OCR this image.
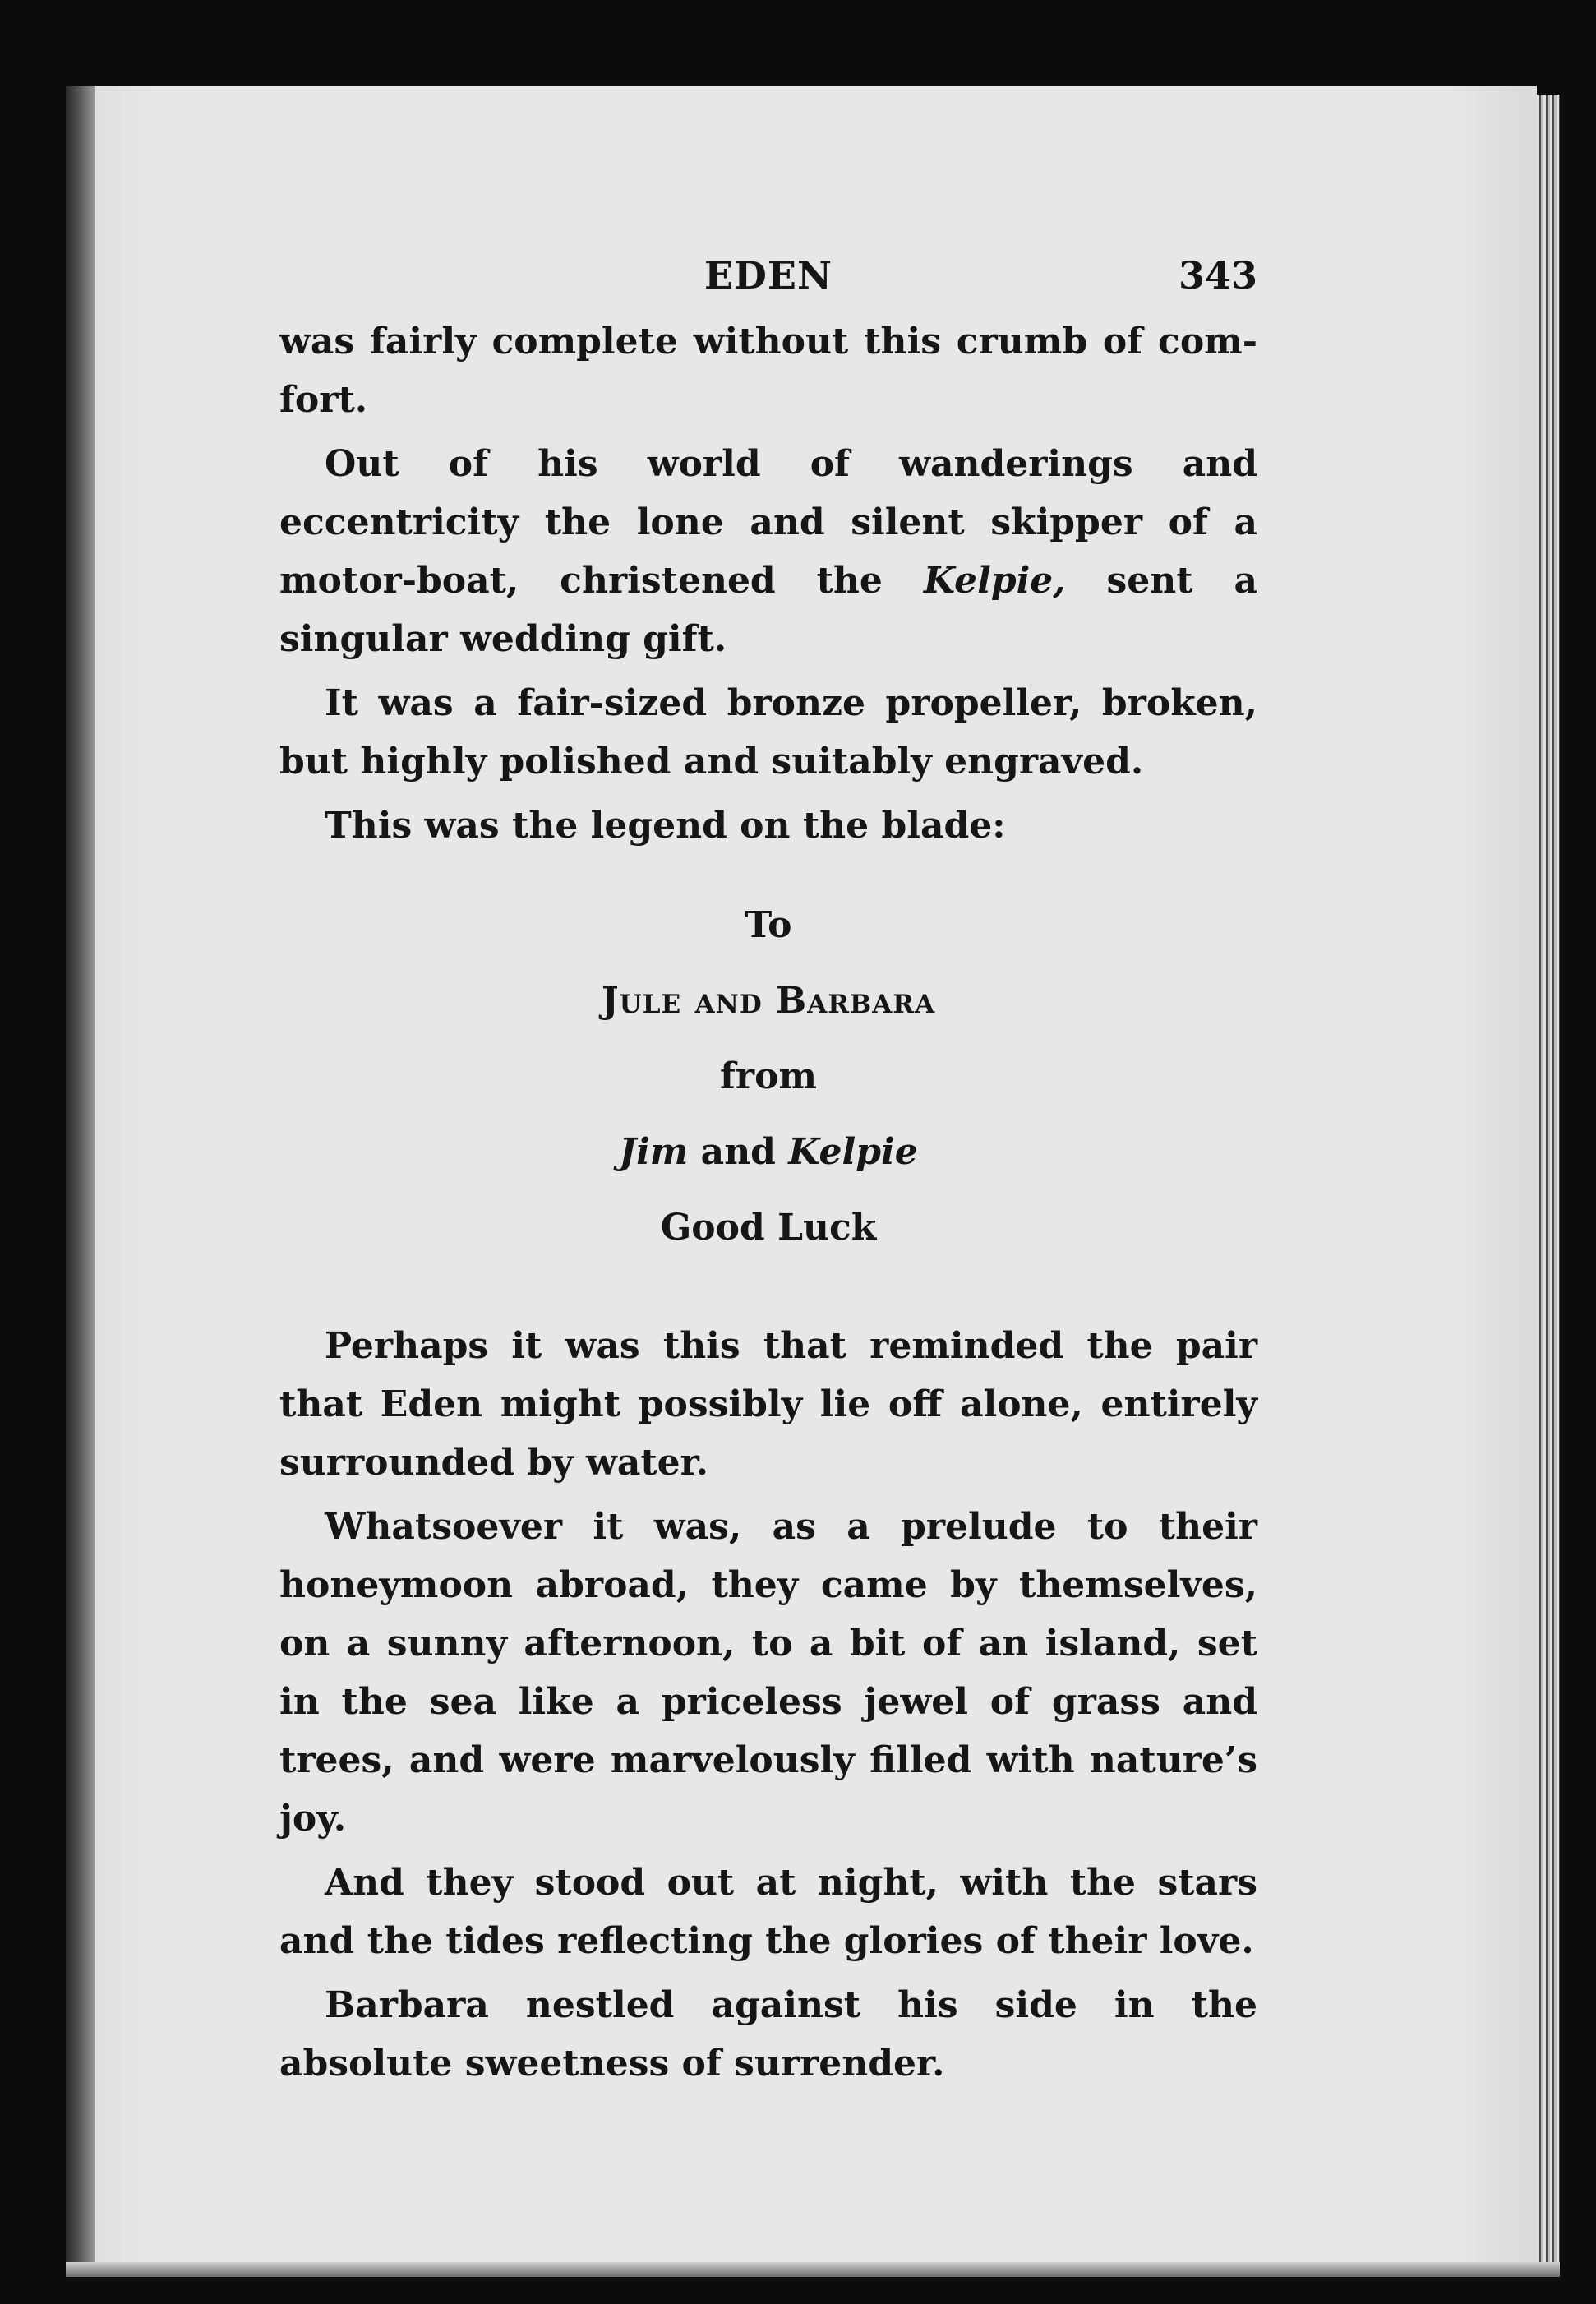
EDEN	343

was fairly complete without this crumb of comfort.

Out of his world of wanderings and eccentricity the lone and silent skipper of a motor-boat, christened the Kelpie, sent a singular wedding gift.

It was a fair-sized bronze propeller, broken, but highly polished and suitably engraved.

This was the legend on the blade:

To
Jule and Barbara
from
Jim and Kelpie
Good Luck

Perhaps it was this that reminded the pair that Eden might possibly lie off alone, entirely surrounded by water.

Whatsoever it was, as a prelude to their honeymoon abroad, they came by themselves, on a sunny afternoon, to a bit of an island, set in the sea like a priceless jewel of grass and trees, and were marvelously filled with nature’s joy.

And they stood out at night, with the stars and the tides reflecting the glories of their love.

Barbara nestled against his side in the absolute sweetness of surrender.
